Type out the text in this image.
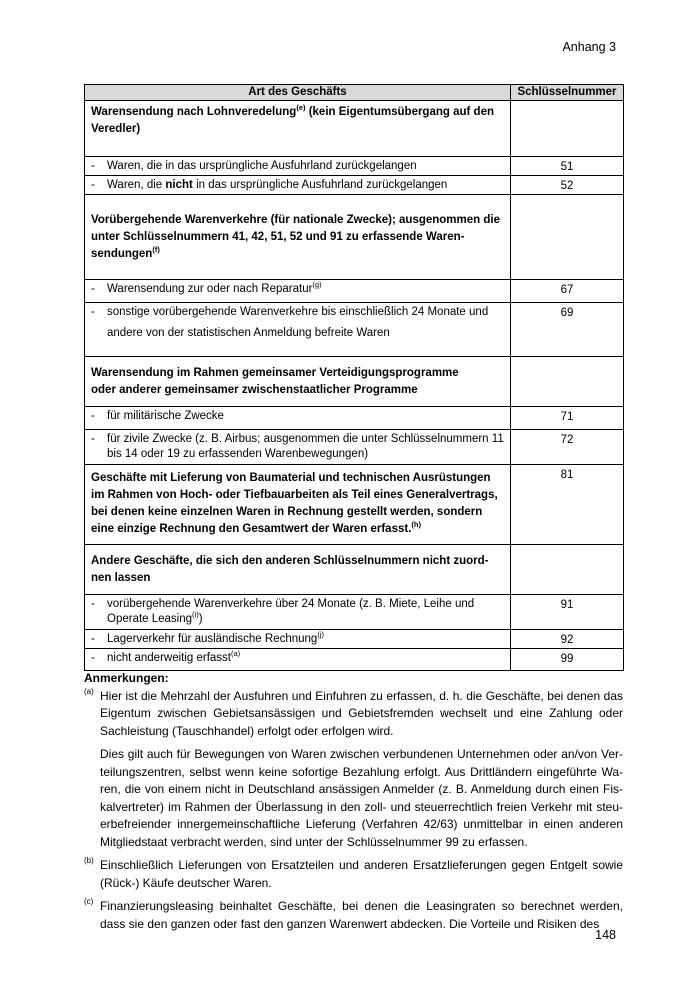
Anhang 3
Art des Geschäfts	Schlüsselnummer
Warensendung nach Lohnveredelung$^{(e)}$ (kein Eigentumsübergang auf den Veredler)	

- Waren, die in das ursprüngliche Ausfuhrland zurückgelangen	51

- Waren, die nicht in das ursprüngliche Ausfuhrland zurückgelangen	52
Vorübergehende Warenverkehre (für nationale Zwecke); ausgenommen die unter Schlüsselnummern 41, 42, 51, 52 und 91 zu erfassende Warensendungen$^{(f)}$	

- Warensendung zur oder nach Reparatur$^{(g)}$	67

- sonstige vorübergehende Warenverkehre bis einschließlich 24 Monate und
andere von der statistischen Anmeldung befreite Waren	69

Warensendung im Rahmen gemeinsamer Verteidigungsprogramme
oder anderer gemeinsamer zwischenstaatlicher Programme	

- für militärische Zwecke	71

- für zivile Zwecke (z. B. Airbus; ausgenommen die unter Schlüsselnummern 11 bis 14 oder 19 zu erfassenden Warenbewegungen)	72
Geschäfte mit Lieferung von Baumaterial und technischen Ausrüstungen im Rahmen von Hoch- oder Tiefbauarbeiten als Teil eines Generalvertrags, bei denen keine einzelnen Waren in Rechnung gestellt werden, sondern eine einzige Rechnung den Gesamtwert der Waren erfasst.$^{(h)}$	81
Andere Geschäfte, die sich den anderen Schlüsselnummern nicht zuordnen lassen	

- vorübergehende Warenverkehre über 24 Monate (z. B. Miete, Leihe und Operate Leasing$^{(i)}$)	91

- Lagerverkehr für ausländische Rechnung$^{(j)}$	92

- nicht anderweitig erfasst$^{(a)}$	99
Anmerkungen:
(a) Hier ist die Mehrzahl der Ausfuhren und Einfuhren zu erfassen, d. h. die Geschäfte, bei denen das Eigentum zwischen Gebietsansässigen und Gebietsfremden wechselt und eine Zahlung oder Sachleistung (Tauschhandel) erfolgt oder erfolgen wird.

Dies gilt auch für Bewegungen von Waren zwischen verbundenen Unternehmen oder an/von Verteilungszentren, selbst wenn keine sofortige Bezahlung erfolgt. Aus Drittländern eingeführte Waren, die von einem nicht in Deutschland ansässigen Anmelder (z. B. Anmeldung durch einen Fiskalvertreter) im Rahmen der Überlassung in den zoll- und steuerrechtlich freien Verkehr mit steuerbefreiender innergemeinschaftliche Lieferung (Verfahren 42/63) unmittelbar in einen anderen Mitgliedstaat verbracht werden, sind unter der Schlüsselnummer 99 zu erfassen.

(b) Einschließlich Lieferungen von Ersatzteilen und anderen Ersatzlieferungen gegen Entgelt sowie (Rück-) Käufe deutscher Waren.

(c) Finanzierungsleasing beinhaltet Geschäfte, bei denen die Leasingraten so berechnet werden, dass sie den ganzen oder fast den ganzen Warenwert abdecken. Die Vorteile und Risiken des

148
